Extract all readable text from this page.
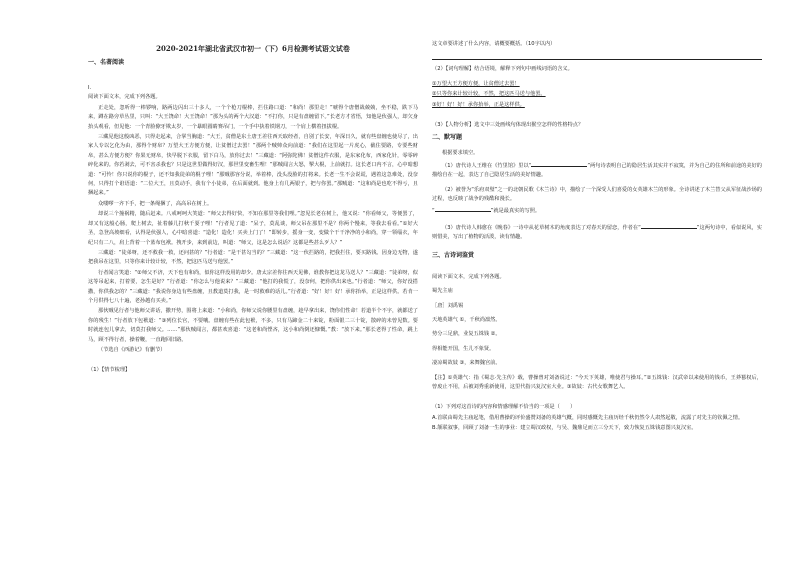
2020-2021年湖北省武汉市初一（下）6月检测考试语文试卷
一、名著阅读
I.
阅读下面文本，完成下列各题。
正走处，忽听得一棒锣响，路两边闪出三十多人，一个个枪刀棍棒，拦住路口道：“和尚！那里走！”唬得个唐僧战兢兢，坐不稳，跌下马来，蹲在路旁草丛里，只叫：“大王饶命！大王饶命！”那为头的两个大汉道：“不打你，只是有盘缠留下。”长老方才省悟，知他是伙强人，却欠身抬头观看，但见他：一个青脸獠牙欺太岁，一个暴眼圆睛赛吊门，一个手中执着铁钢刀，一个肩上横着扭拔棍。
三藏见他这般凶恶，只得走起来，合掌当胸道：“大王，贫僧是东土唐王差往西天取经者，自别了长安，年深日久，就有些盘缠也使尽了，出家人专以乞化为由，那得个财帛？万望大王方便方便，让贫僧过去罢！”那两个贼帅众向前道：“我们在这里起一片虎心，截住要路，专要些财帛，甚么方便方便？你果无财帛，快早脱下衣服，留下白马，放你过去！”三藏道：“阿弥陀佛！贫僧这件衣服，是东家化布，西家化针，零零碎碎化来的。你若剥去，可不害杀我也？只是这世里做得好汉，那世里变畜生哩！”那贼闻言大怒，掣大棍，上前就打。这长老口内不言，心中暗想道：“可怜！你只说你的棍子，还不知我徒弟的棍子哩！”那贼那容分说，举着棒，没头没脸的打将来。长老一生不会说谎，遇着这急难处，没奈何，只得打个诳语道：“二位大王，且莫动手，我有个小徒弟，在后面就到。他身上有几两银子，把与你罢。”那贼道：“这和尚是也吃不得亏，且捆起来。”
众喽啰一齐下手，把一条绳捆了，高高吊在树上。
却说三个撞祸精，随后赶来。八戒呵呵大笑道：“师父去得好快，不知在那里等我们哩。”忽见长老在树上，他又说：“你看师父，等便罢了，却又有这般心肠，爬上树去，扯着藤儿打秋千耍子哩！”行者见了道：“呆子，莫乱谈，师父吊在那里不是？你两个慢来，等我去看看。”①好大圣，急登高坡细看，认得是伙强人，心中暗喜道：“造化！造化！买卖上门了！”即转步，摇身一变，变做个干干净净的小和尚，穿一领缁衣，年纪只有二八，肩上背着一个蓝布包袱。拽开步，来到前边，叫道：“师父，这是怎么说话？这都是些甚么歹人？”
三藏道：“徒弟呀，还不救我一救，还问甚的？”行者道：“是干甚勾当的？”三藏道：“这一伙拦路的，把我拦住，要买路钱。因身边无物，遂把我吊在这里，只等你来计较计较，不然，把这匹马送与他罢。”
行者闻言笑道：“②师父不济，天下也有和尚，似你这样没用的却少。唐太宗差你往西天见佛，谁教你把这龙马送人？”三藏道：“徒弟呀，似这等吊起来，打着要，怎生是好？”行者道：“你怎么与他说来？”三藏道：“他打的我慌了，没奈何，把你供出来也。”行者道：“师父，你好没搭撒，你供我怎的？”三藏道：“我说你身边有些盘缠，且教道莫打我，是一时救难的话儿。”行者道：“好！好！好！承你抬举，正是这样供。若肯一个月供得七八十遍，老孙越有买卖。”
那伙贼见行者与他师父讲话，撒开势，围将上来道：“小和尚，你师父说你腰里有盘缠，趁早拿出来，饶你们性命！若道半个不字，就都送了你的残生！”行者放下包袱道：“③列位长官，不要嚷。盘缠有些在此包袱，不多，只有马蹄金二十来锭，粉面银二三十锭，散碎的未曾见数。要时就连包儿拿去，切莫打我师父。……”那伙贼闻言，都甚欢喜道：“这老和尚悭吝，这小和尚倒还慷慨。”教：“放下来。”那长老得了性命，跳上马，顾不得行者，操着鞭，一直跑回旧路。
（节选自《西游记》有删节）
（1）【情节梳理】
这文章要讲述了什么内容，请概要概括。（10字以内）
（2）【词句理解】结合语境，解释下列句中画线词语的含义。
①万望大王方便方便，让贫僧过去罢！
②只等你来计较计较，不然，把这匹马送与他罢。
③好！好！好！承你抬举，正是这样供。
（3）【人物分析】选文中三处画线句体现出猴空怎样的性格特点？
二、默写题
根据要求填空。
（1）唐代诗人王维在《竹里馆》里以“	”两句诗表明自己的隐居生活其实并不寂寞，并为自己的住所和前途的美好的描绘自在一起，表达了自己隐居生活的美好情趣。
（2）被誉为“乐府双璧”之一的北朝民歌《木兰诗》中，描绘了一个深受人们喜爱的女英雄木兰的形象。全诗讲述了木兰替父从军征战沙场的过程，也反映了战争的残酷和漫长。
“	”就是最真实的写照。
（3）唐代诗人韩愈在《晚春》一诗中从花草树木的角度表达了对春天的留恋，作者在“	”这两句诗中，看似说风，实则惜美，写出了植物的活泼，读有情趣。
三、古诗词鉴赏
阅读下面文本，完成下列各题。
蜀先主庙
［唐］刘禹锡
天地英雄气 ①，千秋尚凛然。
势分三足鼎，业复五铢钱 ②。
得相能开国，生儿不象贤。
凄凉蜀故妓 ③，来舞魏宫前。
【注】①英雄气：指《蜀志·先主传》载，曹操曾对刘备说过：“今天下英雄，唯使君与操耳。”②五铢钱：汉武帝以来使用的钱币，王莽篡权后，曾废止不用，后被刘秀重新使用，这里代指兴复汉室大业。③故妓：古代女歌舞艺人。
（1）下列对这首诗的内容和情感理解不恰当的一项是（　　）
A.首联由蜀先主庙起笔，借用曹操的评价盛赞刘备的英雄气概，同时感慨先主庙历经千秋仍然令人肃然起敬，流露了对先主的钦佩之情。
B.颔联叙事，回顾了刘备一生的事业：建立蜀汉政权，与吴、魏鼎足而立三分天下，致力恢复五铢钱意图兴复汉室。
